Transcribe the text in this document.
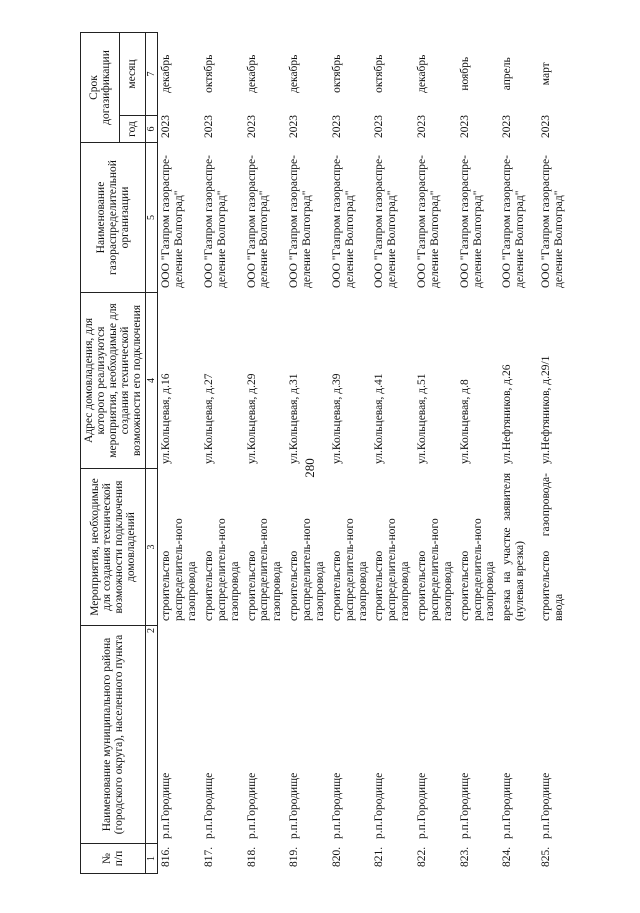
280
№ п/п	Наименование муниципального района (городского округа), населенного пункта	Мероприятия, необходимые для создания технической возможности подключения домовладений	Адрес домовладения, для которого реализуются мероприятия, необходимые для создания технической возможности его подключения	Наименование газораспределительной организации	Срок догазификации	
					год	месяц
1	2	3	4	5	6	7
816.	р.п.Городище	строительство распределитель-ного газопровода	ул.Кольцевая, д.16	ООО "Газпром газораспре-деление Волгоград"	2023	декабрь
817.	р.п.Городище	строительство распределитель-ного газопровода	ул.Кольцевая, д.27	ООО "Газпром газораспре-деление Волгоград"	2023	октябрь
818.	р.п.Городище	строительство распределитель-ного газопровода	ул.Кольцевая, д.29	ООО "Газпром газораспре-деление Волгоград"	2023	декабрь
819.	р.п.Городище	строительство распределитель-ного газопровода	ул.Кольцевая, д.31	ООО "Газпром газораспре-деление Волгоград"	2023	декабрь
820.	р.п.Городище	строительство распределитель-ного газопровода	ул.Кольцевая, д.39	ООО "Газпром газораспре-деление Волгоград"	2023	октябрь
821.	р.п.Городище	строительство распределитель-ного газопровода	ул.Кольцевая, д.41	ООО "Газпром газораспре-деление Волгоград"	2023	октябрь
822.	р.п.Городище	строительство распределитель-ного газопровода	ул.Кольцевая, д.51	ООО "Газпром газораспре-деление Волгоград"	2023	декабрь
823.	р.п.Городище	строительство распределитель-ного газопровода	ул.Кольцевая, д.8	ООО "Газпром газораспре-деление Волгоград"	2023	ноябрь
824.	р.п.Городище	врезка на участке заявителя (нулевая врезка)	ул.Нефтяников, д.26	ООО "Газпром газораспре-деление Волгоград"	2023	апрель
825.	р.п.Городище	строительство газопровода-ввода	ул.Нефтяников, д.29/1	ООО "Газпром газораспре-деление Волгоград"	2023	март
